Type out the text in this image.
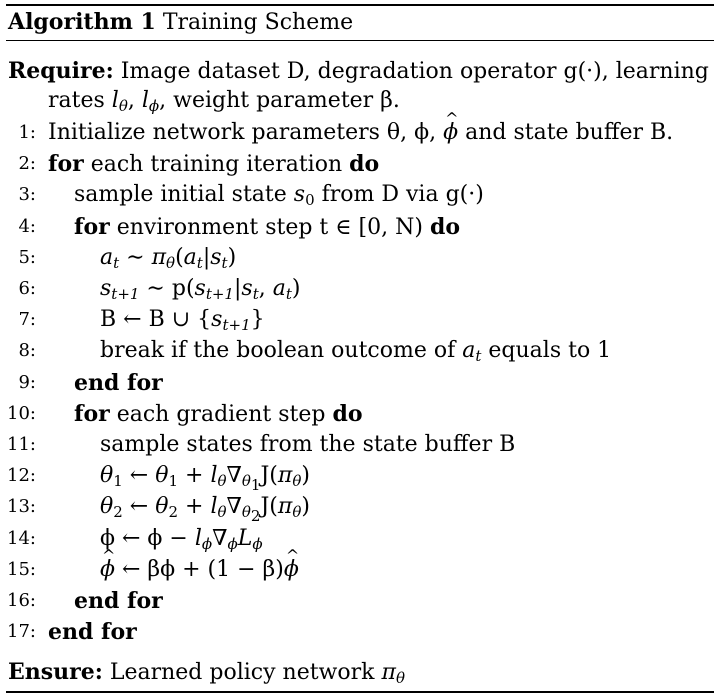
Algorithm 1 Training Scheme
Require: Image dataset D, degradation operator g(·), learning
rates $l_\theta$, $l_\phi$, weight parameter β.
1: Initialize network parameters θ, ϕ, ^ ϕ and state buffer B.
2: for each training iteration do
3: sample initial state $s_0$ from D via g(·)
4: for environment step t ∈ [0, N) do
5:	$a_t$ ∼ $\pi_\theta(a_t|s_t)$
6:	$s_{t+1}$ ∼ $p(s_{t+1}|s_t$, $a_t$)
7:	B ← B ∪ $\{s_{t+1}\}$
8:	break if the boolean outcome of $a_t$ equals to 1
9: end for
10: for each gradient step do
11:	sample states from the state buffer B
12:	$\theta_1$ ← $\theta_1 + l_\theta\nabla_{\theta_1}J(\pi_\theta)$
13:	$\theta_2$ ← $\theta_2 + l_\theta\nabla_{\theta_2}J(\pi_\theta)$
14:	ϕ ← $\phi - l_\phi\nabla_\phi L_\phi$
15:
^	ϕ ← βϕ + (1 − β)^ ϕ
16: end for
17: end for
Ensure: Learned policy network $\pi_\theta$
